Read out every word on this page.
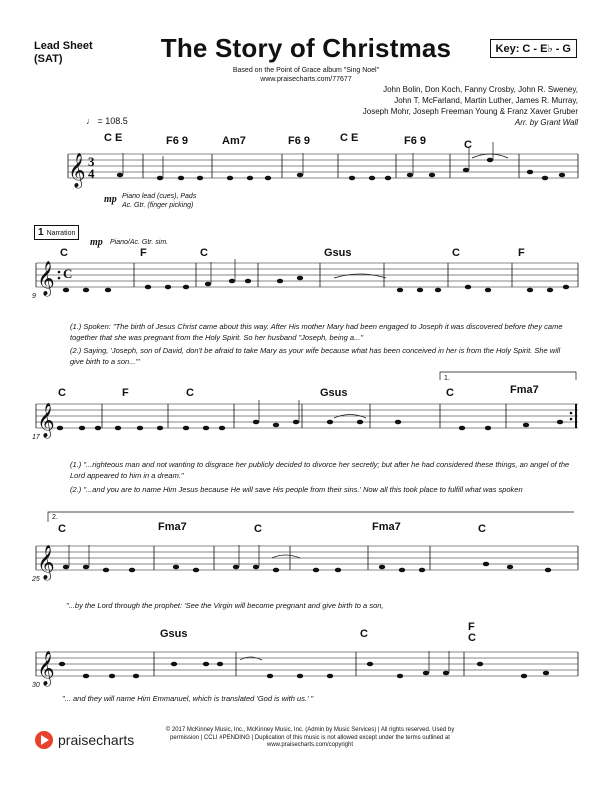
Lead Sheet
(SAT)	The Story of Christmas
Based on the Point of Grace album "Sing Noel"
www.praisecharts.com/77677
Key: C - E♭ - G
John Bolin, Don Koch, Fanny Crosby, John R. Sweney,
John T. McFarland, Martin Luther, James R. Murray,
Joseph Mohr, Joseph Freeman Young & Franz Xaver Gruber
Arr. by Grant Wall
𝄞
𝄞
𝄞
𝄞
𝄞
3
4
C
♩ = 108.5
C E	F6 9	Am7	F6 9	C E	F6 9	C
mp Piano lead (cues), Pads
Ac. Gtr. (finger picking)
1 Narration
mp Piano/Ac. Gtr. sim.
9
C	F	C	Gsus	C	F
(1.) Spoken: "The birth of Jesus Christ came about this way. After His mother Mary had been engaged to Joseph it was discovered before they came together that she was pregnant from the Holy Spirit. So her husband "Joseph, being a..."
(2.) Saying, 'Joseph, son of David, don't be afraid to take Mary as your wife because what has been conceived in her is from the Holy Spirit. She will give birth to a son...'"
17
1.
C	F	C	Gsus	C	Fma7
(1.) "...righteous man and not wanting to disgrace her publicly decided to divorce her secretly; but after he had considered these things, an angel of the Lord appeared to him in a dream."
(2.) "...and you are to name Him Jesus because He will save His people from their sins.' Now all this took place to fulfill what was spoken
25
2.
C	Fma7	C	Fma7	C
"...by the Lord through the prophet: 'See the Virgin will become pregnant and give birth to a son,
30
Gsus	C
F C
"... and they will name Him Emmanuel, which is translated 'God is with us.' "
praisecharts
© 2017 McKinney Music, Inc., McKinney Music, Inc. (Admin by Music Services) | All rights reserved. Used by
permission | CCLI #PENDING | Duplication of this music is not allowed except under the terms outlined at
www.praisecharts.com/copyright
